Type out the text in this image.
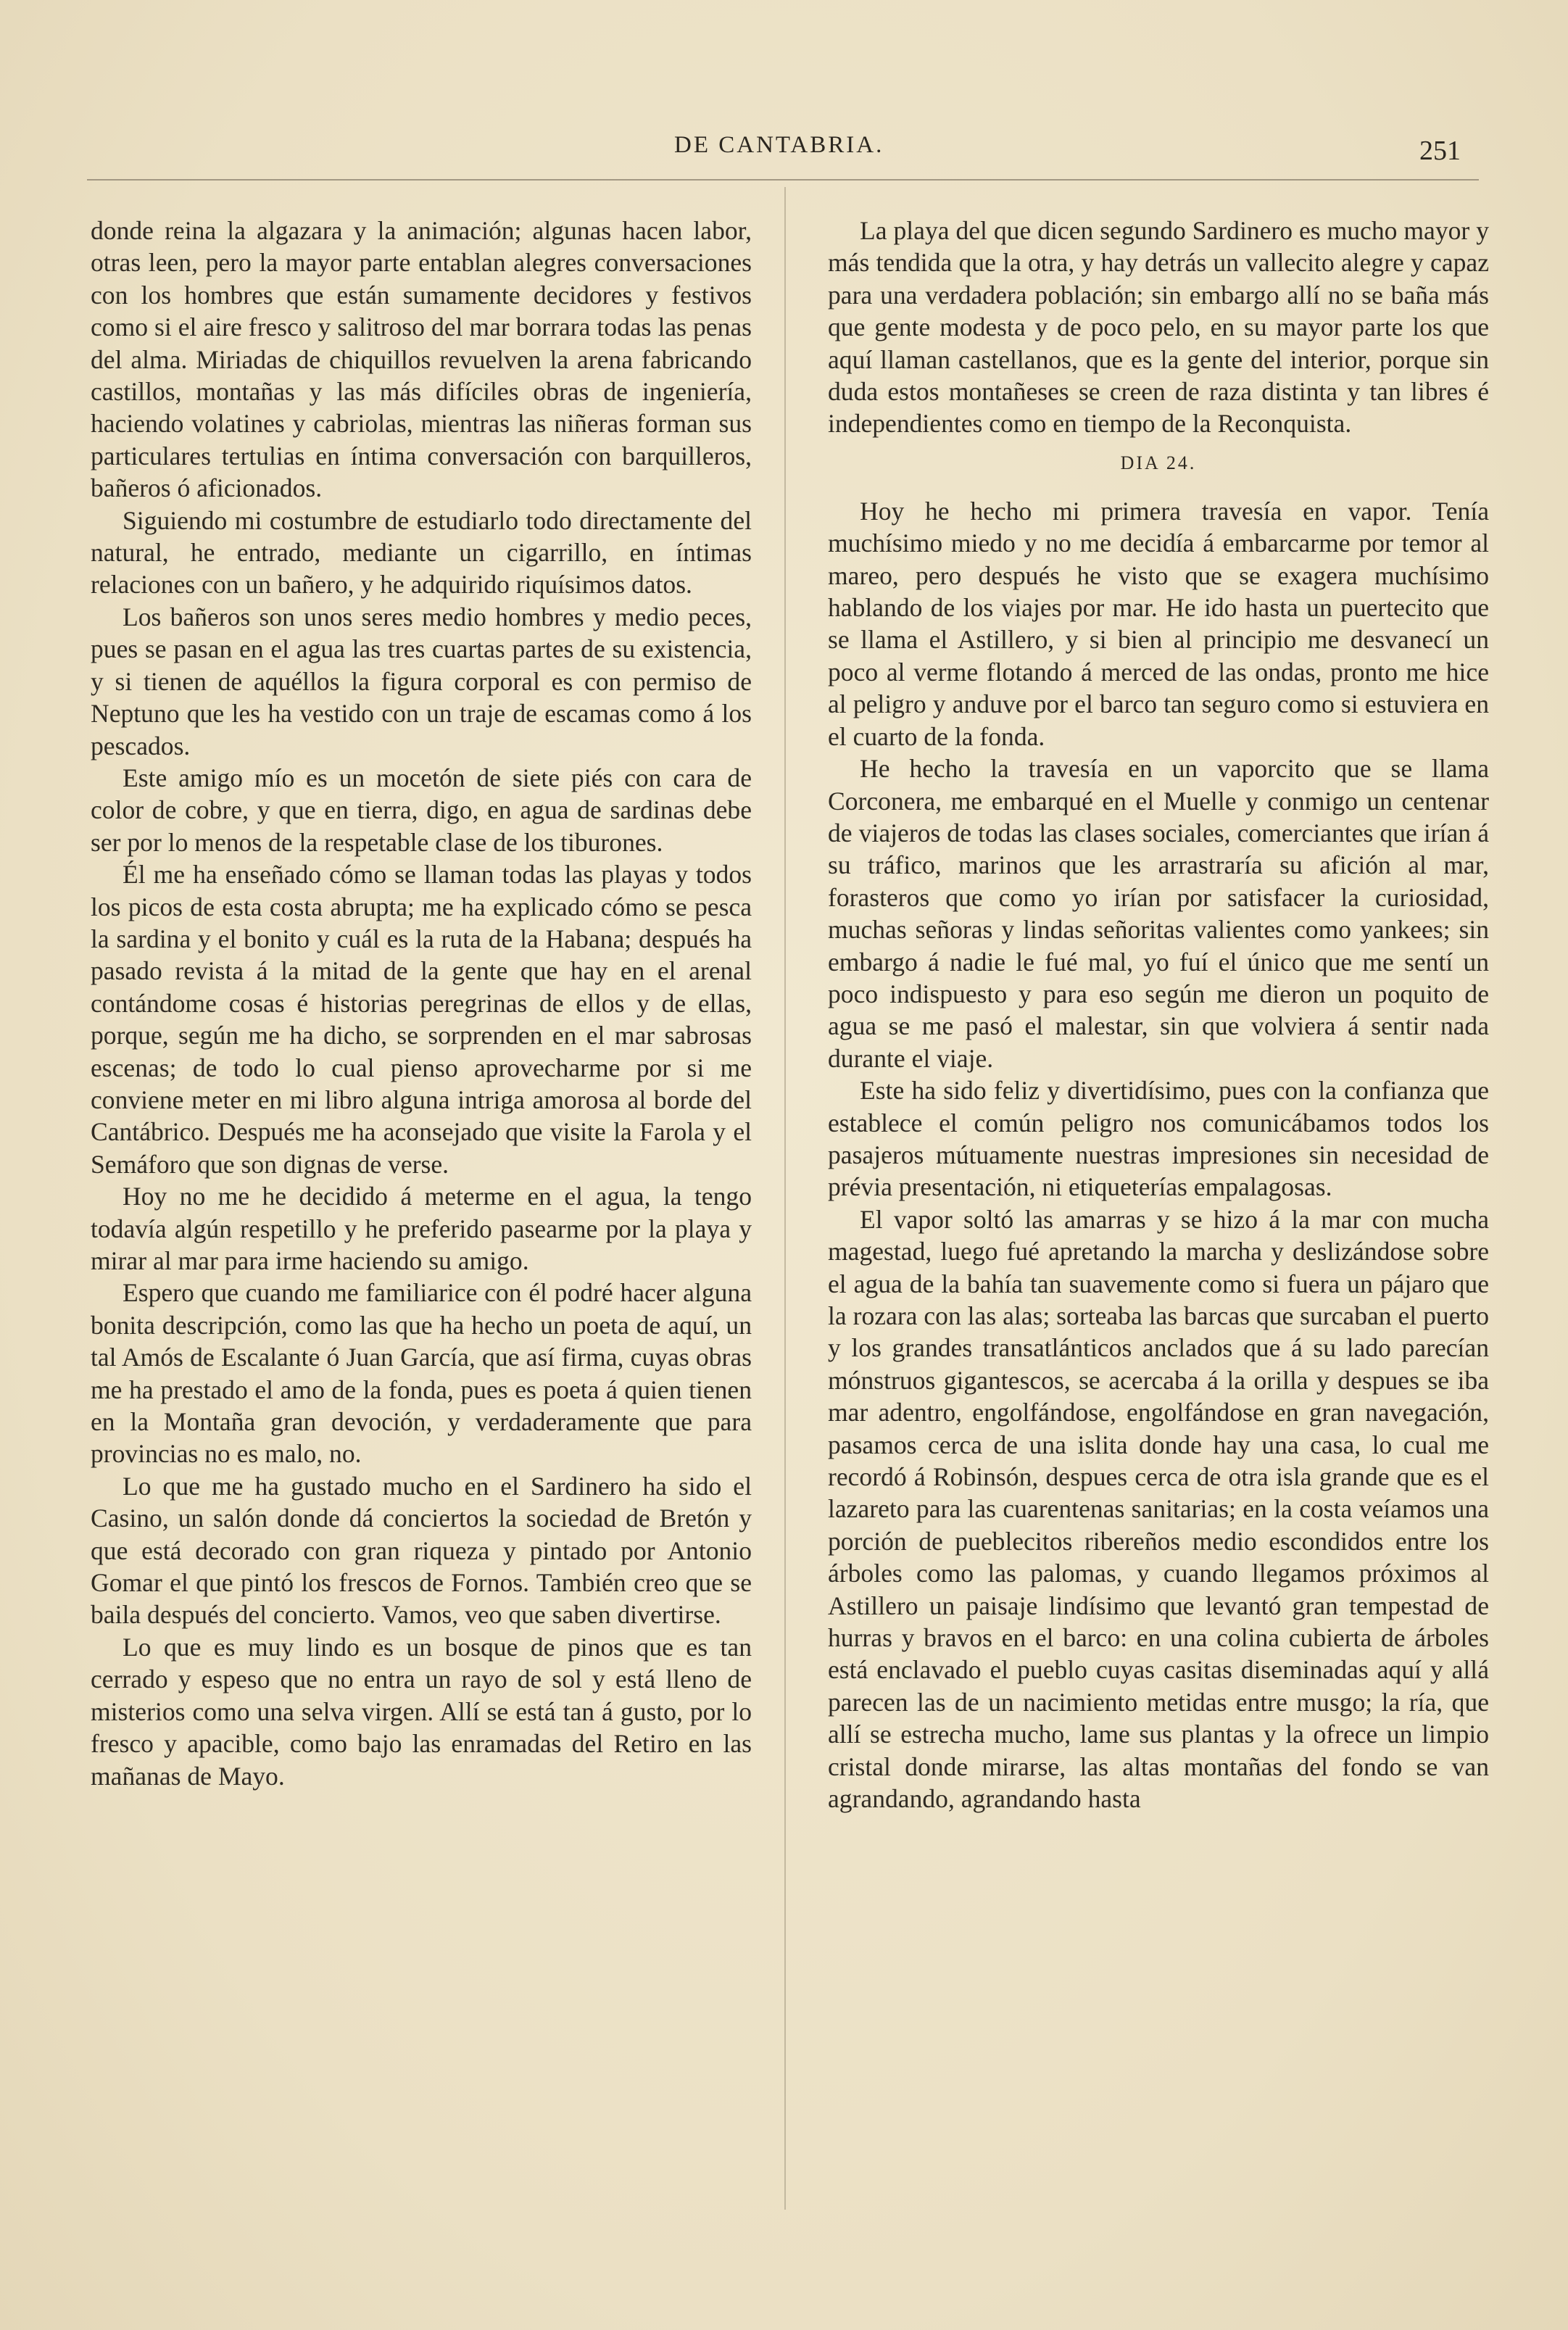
DE CANTABRIA.	251

donde reina la algazara y la animación; algunas hacen labor, otras leen, pero la mayor parte entablan alegres conversaciones con los hombres que están sumamente decidores y festivos como si el aire fresco y salitroso del mar borrara todas las penas del alma. Miriadas de chiquillos revuelven la arena fabricando castillos, montañas y las más difíciles obras de ingeniería, haciendo volatines y cabriolas, mientras las niñeras forman sus particulares tertulias en íntima conversación con barquilleros, bañeros ó aficionados.

Siguiendo mi costumbre de estudiarlo todo directamente del natural, he entrado, mediante un cigarrillo, en íntimas relaciones con un bañero, y he adquirido riquísimos datos.

Los bañeros son unos seres medio hombres y medio peces, pues se pasan en el agua las tres cuartas partes de su existencia, y si tienen de aquéllos la figura corporal es con permiso de Neptuno que les ha vestido con un traje de escamas como á los pescados.

Este amigo mío es un mocetón de siete piés con cara de color de cobre, y que en tierra, digo, en agua de sardinas debe ser por lo menos de la respetable clase de los tiburones.

Él me ha enseñado cómo se llaman todas las playas y todos los picos de esta costa abrupta; me ha explicado cómo se pesca la sardina y el bonito y cuál es la ruta de la Habana; después ha pasado revista á la mitad de la gente que hay en el arenal contándome cosas é historias peregrinas de ellos y de ellas, porque, según me ha dicho, se sorprenden en el mar sabrosas escenas; de todo lo cual pienso aprovecharme por si me conviene meter en mi libro alguna intriga amorosa al borde del Cantábrico. Después me ha aconsejado que visite la Farola y el Semáforo que son dignas de verse.

Hoy no me he decidido á meterme en el agua, la tengo todavía algún respetillo y he preferido pasearme por la playa y mirar al mar para irme haciendo su amigo.

Espero que cuando me familiarice con él podré hacer alguna bonita descripción, como las que ha hecho un poeta de aquí, un tal Amós de Escalante ó Juan García, que así firma, cuyas obras me ha prestado el amo de la fonda, pues es poeta á quien tienen en la Montaña gran devoción, y verdaderamente que para provincias no es malo, no.

Lo que me ha gustado mucho en el Sardinero ha sido el Casino, un salón donde dá conciertos la sociedad de Bretón y que está decorado con gran riqueza y pintado por Antonio Gomar el que pintó los frescos de Fornos. También creo que se baila después del concierto. Vamos, veo que saben divertirse.

Lo que es muy lindo es un bosque de pinos que es tan cerrado y espeso que no entra un rayo de sol y está lleno de misterios como una selva virgen. Allí se está tan á gusto, por lo fresco y apacible, como bajo las enramadas del Retiro en las mañanas de Mayo.

La playa del que dicen segundo Sardinero es mucho mayor y más tendida que la otra, y hay detrás un vallecito alegre y capaz para una verdadera población; sin embargo allí no se baña más que gente modesta y de poco pelo, en su mayor parte los que aquí llaman castellanos, que es la gente del interior, porque sin duda estos montañeses se creen de raza distinta y tan libres é independientes como en tiempo de la Reconquista.

DIA 24.

Hoy he hecho mi primera travesía en vapor. Tenía muchísimo miedo y no me decidía á embarcarme por temor al mareo, pero después he visto que se exagera muchísimo hablando de los viajes por mar. He ido hasta un puertecito que se llama el Astillero, y si bien al principio me desvanecí un poco al verme flotando á merced de las ondas, pronto me hice al peligro y anduve por el barco tan seguro como si estuviera en el cuarto de la fonda.

He hecho la travesía en un vaporcito que se llama Corconera, me embarqué en el Muelle y conmigo un centenar de viajeros de todas las clases sociales, comerciantes que irían á su tráfico, marinos que les arrastraría su afición al mar, forasteros que como yo irían por satisfacer la curiosidad, muchas señoras y lindas señoritas valientes como yankees; sin embargo á nadie le fué mal, yo fuí el único que me sentí un poco indispuesto y para eso según me dieron un poquito de agua se me pasó el malestar, sin que volviera á sentir nada durante el viaje.

Este ha sido feliz y divertidísimo, pues con la confianza que establece el común peligro nos comunicábamos todos los pasajeros mútuamente nuestras impresiones sin necesidad de prévia presentación, ni etiqueterías empalagosas.

El vapor soltó las amarras y se hizo á la mar con mucha magestad, luego fué apretando la marcha y deslizándose sobre el agua de la bahía tan suavemente como si fuera un pájaro que la rozara con las alas; sorteaba las barcas que surcaban el puerto y los grandes transatlánticos anclados que á su lado parecían mónstruos gigantescos, se acercaba á la orilla y despues se iba mar adentro, engolfándose, engolfándose en gran navegación, pasamos cerca de una islita donde hay una casa, lo cual me recordó á Robinsón, despues cerca de otra isla grande que es el lazareto para las cuarentenas sanitarias; en la costa veíamos una porción de pueblecitos ribereños medio escondidos entre los árboles como las palomas, y cuando llegamos próximos al Astillero un paisaje lindísimo que levantó gran tempestad de hurras y bravos en el barco: en una colina cubierta de árboles está enclavado el pueblo cuyas casitas diseminadas aquí y allá parecen las de un nacimiento metidas entre musgo; la ría, que allí se estrecha mucho, lame sus plantas y la ofrece un limpio cristal donde mirarse, las altas montañas del fondo se van agrandando, agrandando hasta
